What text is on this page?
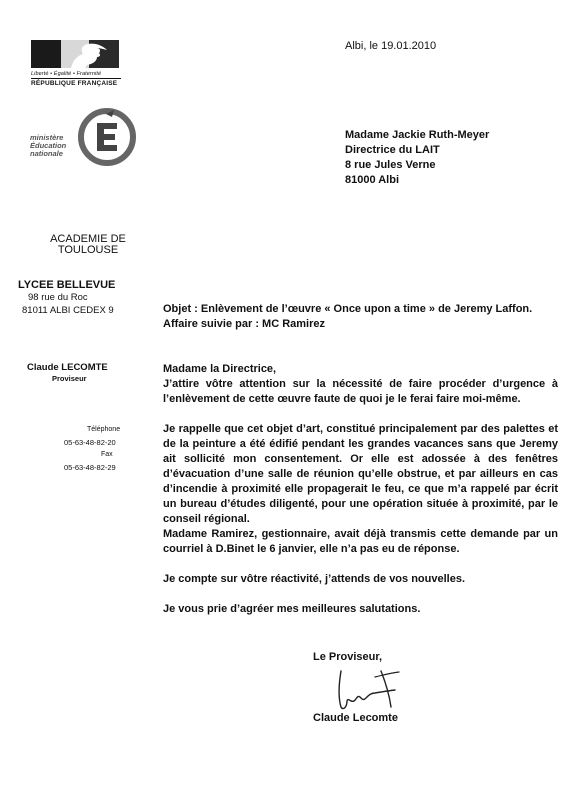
Liberté • Égalité • Fraternité
RÉPUBLIQUE FRANÇAISE
ministère
Éducation
nationale
Albi, le 19.01.2010
Madame Jackie Ruth-Meyer
Directrice du LAIT
8 rue Jules Verne
81000 Albi
ACADEMIE DE
TOULOUSE
LYCEE BELLEVUE
98 rue du Roc
81011 ALBI CEDEX 9
Claude LECOMTE
Proviseur
Téléphone
05-63-48-82-20
Fax
05-63-48-82-29
Objet : Enlèvement de l’œuvre « Once upon a time » de Jeremy Laffon.
Affaire suivie par : MC Ramirez

Madame la Directrice,

J’attire vôtre attention sur la nécessité de faire procéder d’urgence à l’enlèvement de cette œuvre faute de quoi je le ferai faire moi-même.

Je rappelle que cet objet d’art, constitué principalement par des palettes et de la peinture a été édifié pendant les grandes vacances sans que Jeremy ait sollicité mon consentement. Or elle est adossée à des fenêtres d’évacuation d’une salle de réunion qu’elle obstrue, et par ailleurs en cas d’incendie à proximité elle propagerait le feu, ce que m’a rappelé par écrit un bureau d’études diligenté, pour une opération située à proximité, par le conseil régional.

Madame Ramirez, gestionnaire, avait déjà transmis cette demande par un courriel à D.Binet le 6 janvier, elle n’a pas eu de réponse.

Je compte sur vôtre réactivité, j’attends de vos nouvelles.

Je vous prie d’agréer mes meilleures salutations.

Le Proviseur,
Claude Lecomte
